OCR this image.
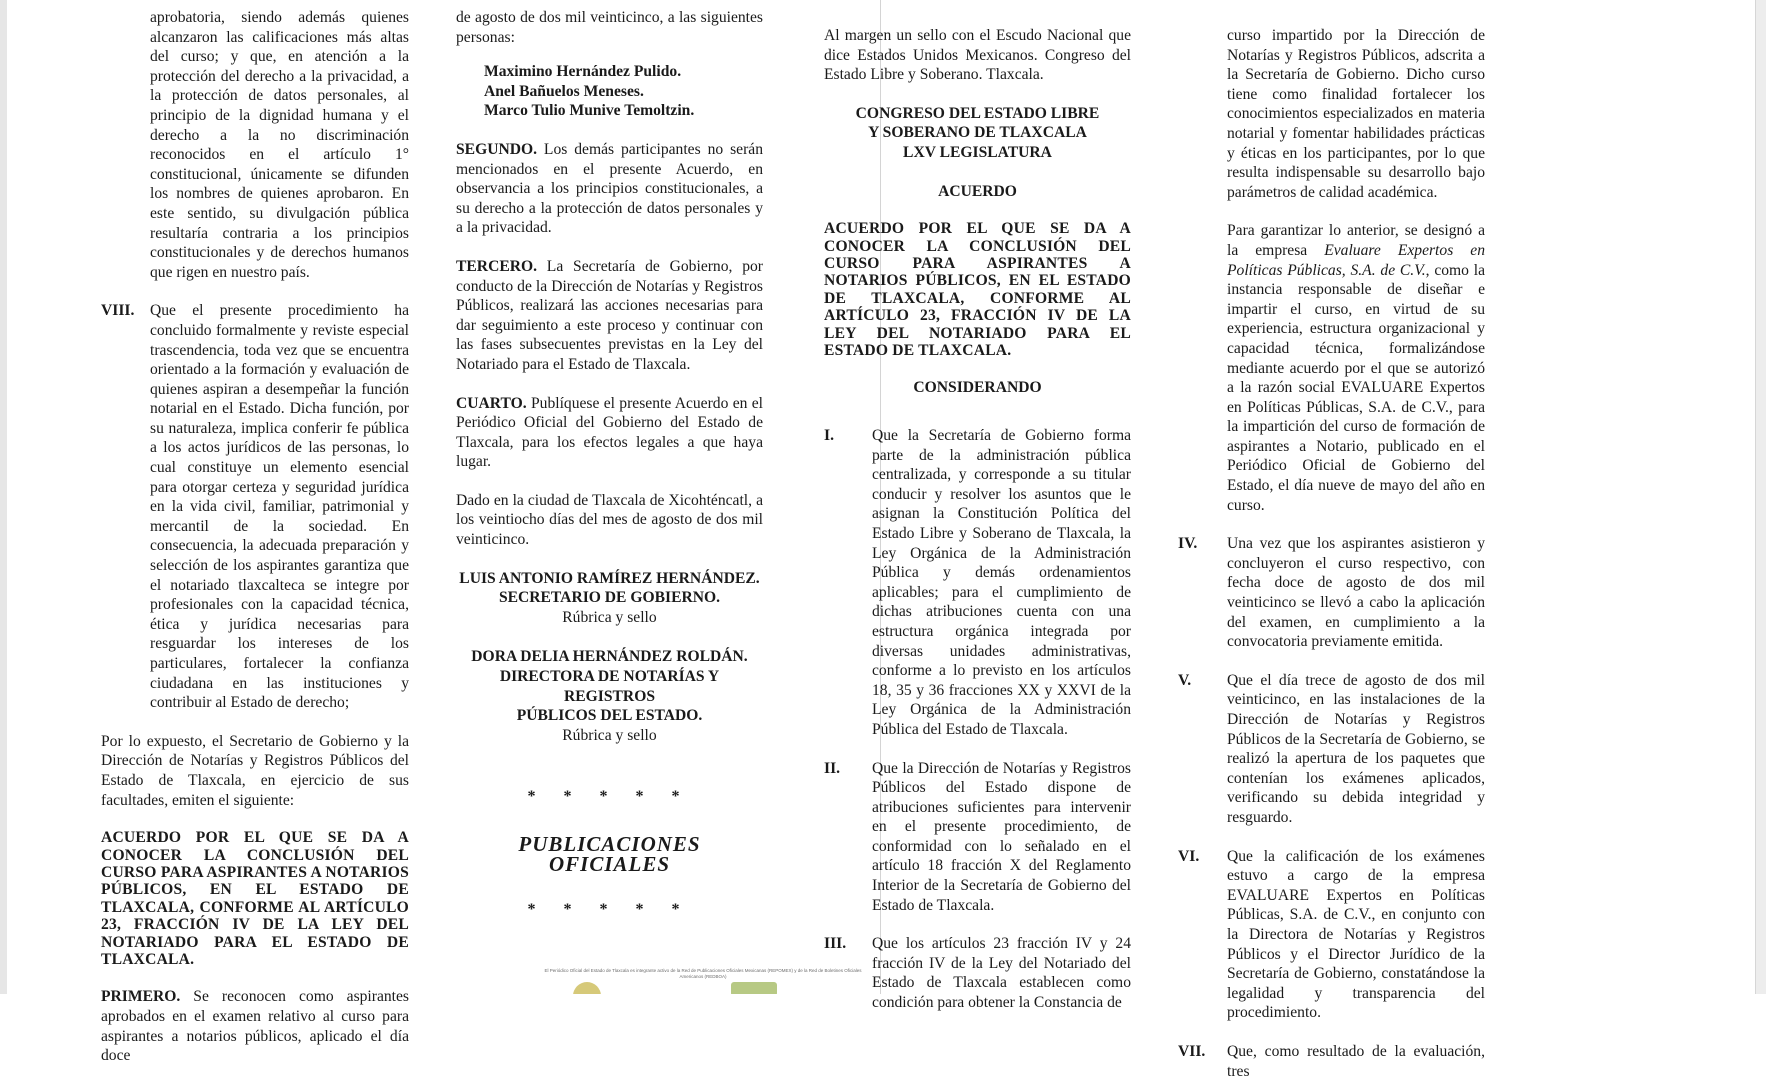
aprobatoria, siendo además quienes alcanzaron las calificaciones más altas del curso; y que, en atención a la protección del derecho a la privacidad, a la protección de datos personales, al principio de la dignidad humana y el derecho a la no discriminación reconocidos en el artículo 1° constitucional, únicamente se difunden los nombres de quienes aprobaron. En este sentido, su divulgación pública resultaría contraria a los principios constitucionales y de derechos humanos que rigen en nuestro país.

VIII.	Que el presente procedimiento ha concluido formalmente y reviste especial trascendencia, toda vez que se encuentra orientado a la formación y evaluación de quienes aspiran a desempeñar la función notarial en el Estado. Dicha función, por su naturaleza, implica conferir fe pública a los actos jurídicos de las personas, lo cual constituye un elemento esencial para otorgar certeza y seguridad jurídica en la vida civil, familiar, patrimonial y mercantil de la sociedad. En consecuencia, la adecuada preparación y selección de los aspirantes garantiza que el notariado tlaxcalteca se integre por profesionales con la capacidad técnica, ética y jurídica necesarias para resguardar los intereses de los particulares, fortalecer la confianza ciudadana en las instituciones y contribuir al Estado de derecho;

Por lo expuesto, el Secretario de Gobierno y la Dirección de Notarías y Registros Públicos del Estado de Tlaxcala, en ejercicio de sus facultades, emiten el siguiente:

ACUERDO POR EL QUE SE DA A CONOCER LA CONCLUSIÓN DEL CURSO PARA ASPIRANTES A NOTARIOS PÚBLICOS, EN EL ESTADO DE TLAXCALA, CONFORME AL ARTÍCULO 23, FRACCIÓN IV DE LA LEY DEL NOTARIADO PARA EL ESTADO DE TLAXCALA.

PRIMERO. Se reconocen como aspirantes aprobados en el examen relativo al curso para aspirantes a notarios públicos, aplicado el día doce

de agosto de dos mil veinticinco, a las siguientes personas:

Maximino Hernández Pulido.
Anel Bañuelos Meneses.
Marco Tulio Munive Temoltzin.

SEGUNDO. Los demás participantes no serán mencionados en el presente Acuerdo, en observancia a los principios constitucionales, a su derecho a la protección de datos personales y a la privacidad.

TERCERO. La Secretaría de Gobierno, por conducto de la Dirección de Notarías y Registros Públicos, realizará las acciones necesarias para dar seguimiento a este proceso y continuar con las fases subsecuentes previstas en la Ley del Notariado para el Estado de Tlaxcala.

CUARTO. Publíquese el presente Acuerdo en el Periódico Oficial del Gobierno del Estado de Tlaxcala, para los efectos legales a que haya lugar.

Dado en la ciudad de Tlaxcala de Xicohténcatl, a los veintiocho días del mes de agosto de dos mil veinticinco.

LUIS ANTONIO RAMÍREZ HERNÁNDEZ.
SECRETARIO DE GOBIERNO.
Rúbrica y sello
DORA DELIA HERNÁNDEZ ROLDÁN.
DIRECTORA DE NOTARÍAS Y REGISTROS
PÚBLICOS DEL ESTADO.
Rúbrica y sello
* * * * *
PUBLICACIONES OFICIALES
* * * * *
El Periódico Oficial del Estado de Tlaxcala es integrante activo de la Red de Publicaciones Oficiales Mexicanas (REPOMEX) y de la Red de Boletines Oficiales Americanos (REDBOA)

Al margen un sello con el Escudo Nacional que dice Estados Unidos Mexicanos. Congreso del Estado Libre y Soberano. Tlaxcala.

CONGRESO DEL ESTADO LIBRE
Y SOBERANO DE TLAXCALA
LXV LEGISLATURA
ACUERDO

ACUERDO POR EL QUE SE DA A CONOCER LA CONCLUSIÓN DEL CURSO PARA ASPIRANTES A NOTARIOS PÚBLICOS, EN EL ESTADO DE TLAXCALA, CONFORME AL ARTÍCULO 23, FRACCIÓN IV DE LA LEY DEL NOTARIADO PARA EL ESTADO DE TLAXCALA.

CONSIDERANDO
I.	Que la Secretaría de Gobierno forma parte de la administración pública centralizada, y corresponde a su titular conducir y resolver los asuntos que le asignan la Constitución Política del Estado Libre y Soberano de Tlaxcala, la Ley Orgánica de la Administración Pública y demás ordenamientos aplicables; para el cumplimiento de dichas atribuciones cuenta con una estructura orgánica integrada por diversas unidades administrativas, conforme a lo previsto en los artículos 18, 35 y 36 fracciones XX y XXVI de la Ley Orgánica de la Administración Pública del Estado de Tlaxcala.
II.	Que la Dirección de Notarías y Registros Públicos del Estado dispone de atribuciones suficientes para intervenir en el presente procedimiento, de conformidad con lo señalado en el artículo 18 fracción X del Reglamento Interior de la Secretaría de Gobierno del Estado de Tlaxcala.
III.	Que los artículos 23 fracción IV y 24 fracción IV de la Ley del Notariado del Estado de Tlaxcala establecen como condición para obtener la Constancia de

curso impartido por la Dirección de Notarías y Registros Públicos, adscrita a la Secretaría de Gobierno. Dicho curso tiene como finalidad fortalecer los conocimientos especializados en materia notarial y fomentar habilidades prácticas y éticas en los participantes, por lo que resulta indispensable su desarrollo bajo parámetros de calidad académica.

Para garantizar lo anterior, se designó a la empresa Evaluare Expertos en Políticas Públicas, S.A. de C.V., como la instancia responsable de diseñar e impartir el curso, en virtud de su experiencia, estructura organizacional y capacidad técnica, formalizándose mediante acuerdo por el que se autorizó a la razón social EVALUARE Expertos en Políticas Públicas, S.A. de C.V., para la impartición del curso de formación de aspirantes a Notario, publicado en el Periódico Oficial de Gobierno del Estado, el día nueve de mayo del año en curso.

IV.	Una vez que los aspirantes asistieron y concluyeron el curso respectivo, con fecha doce de agosto de dos mil veinticinco se llevó a cabo la aplicación del examen, en cumplimiento a la convocatoria previamente emitida.
V.	Que el día trece de agosto de dos mil veinticinco, en las instalaciones de la Dirección de Notarías y Registros Públicos de la Secretaría de Gobierno, se realizó la apertura de los paquetes que contenían los exámenes aplicados, verificando su debida integridad y resguardo.
VI.	Que la calificación de los exámenes estuvo a cargo de la empresa EVALUARE Expertos en Políticas Públicas, S.A. de C.V., en conjunto con la Directora de Notarías y Registros Públicos y el Director Jurídico de la Secretaría de Gobierno, constatándose la legalidad y transparencia del procedimiento.
VII.	Que, como resultado de la evaluación, tres
